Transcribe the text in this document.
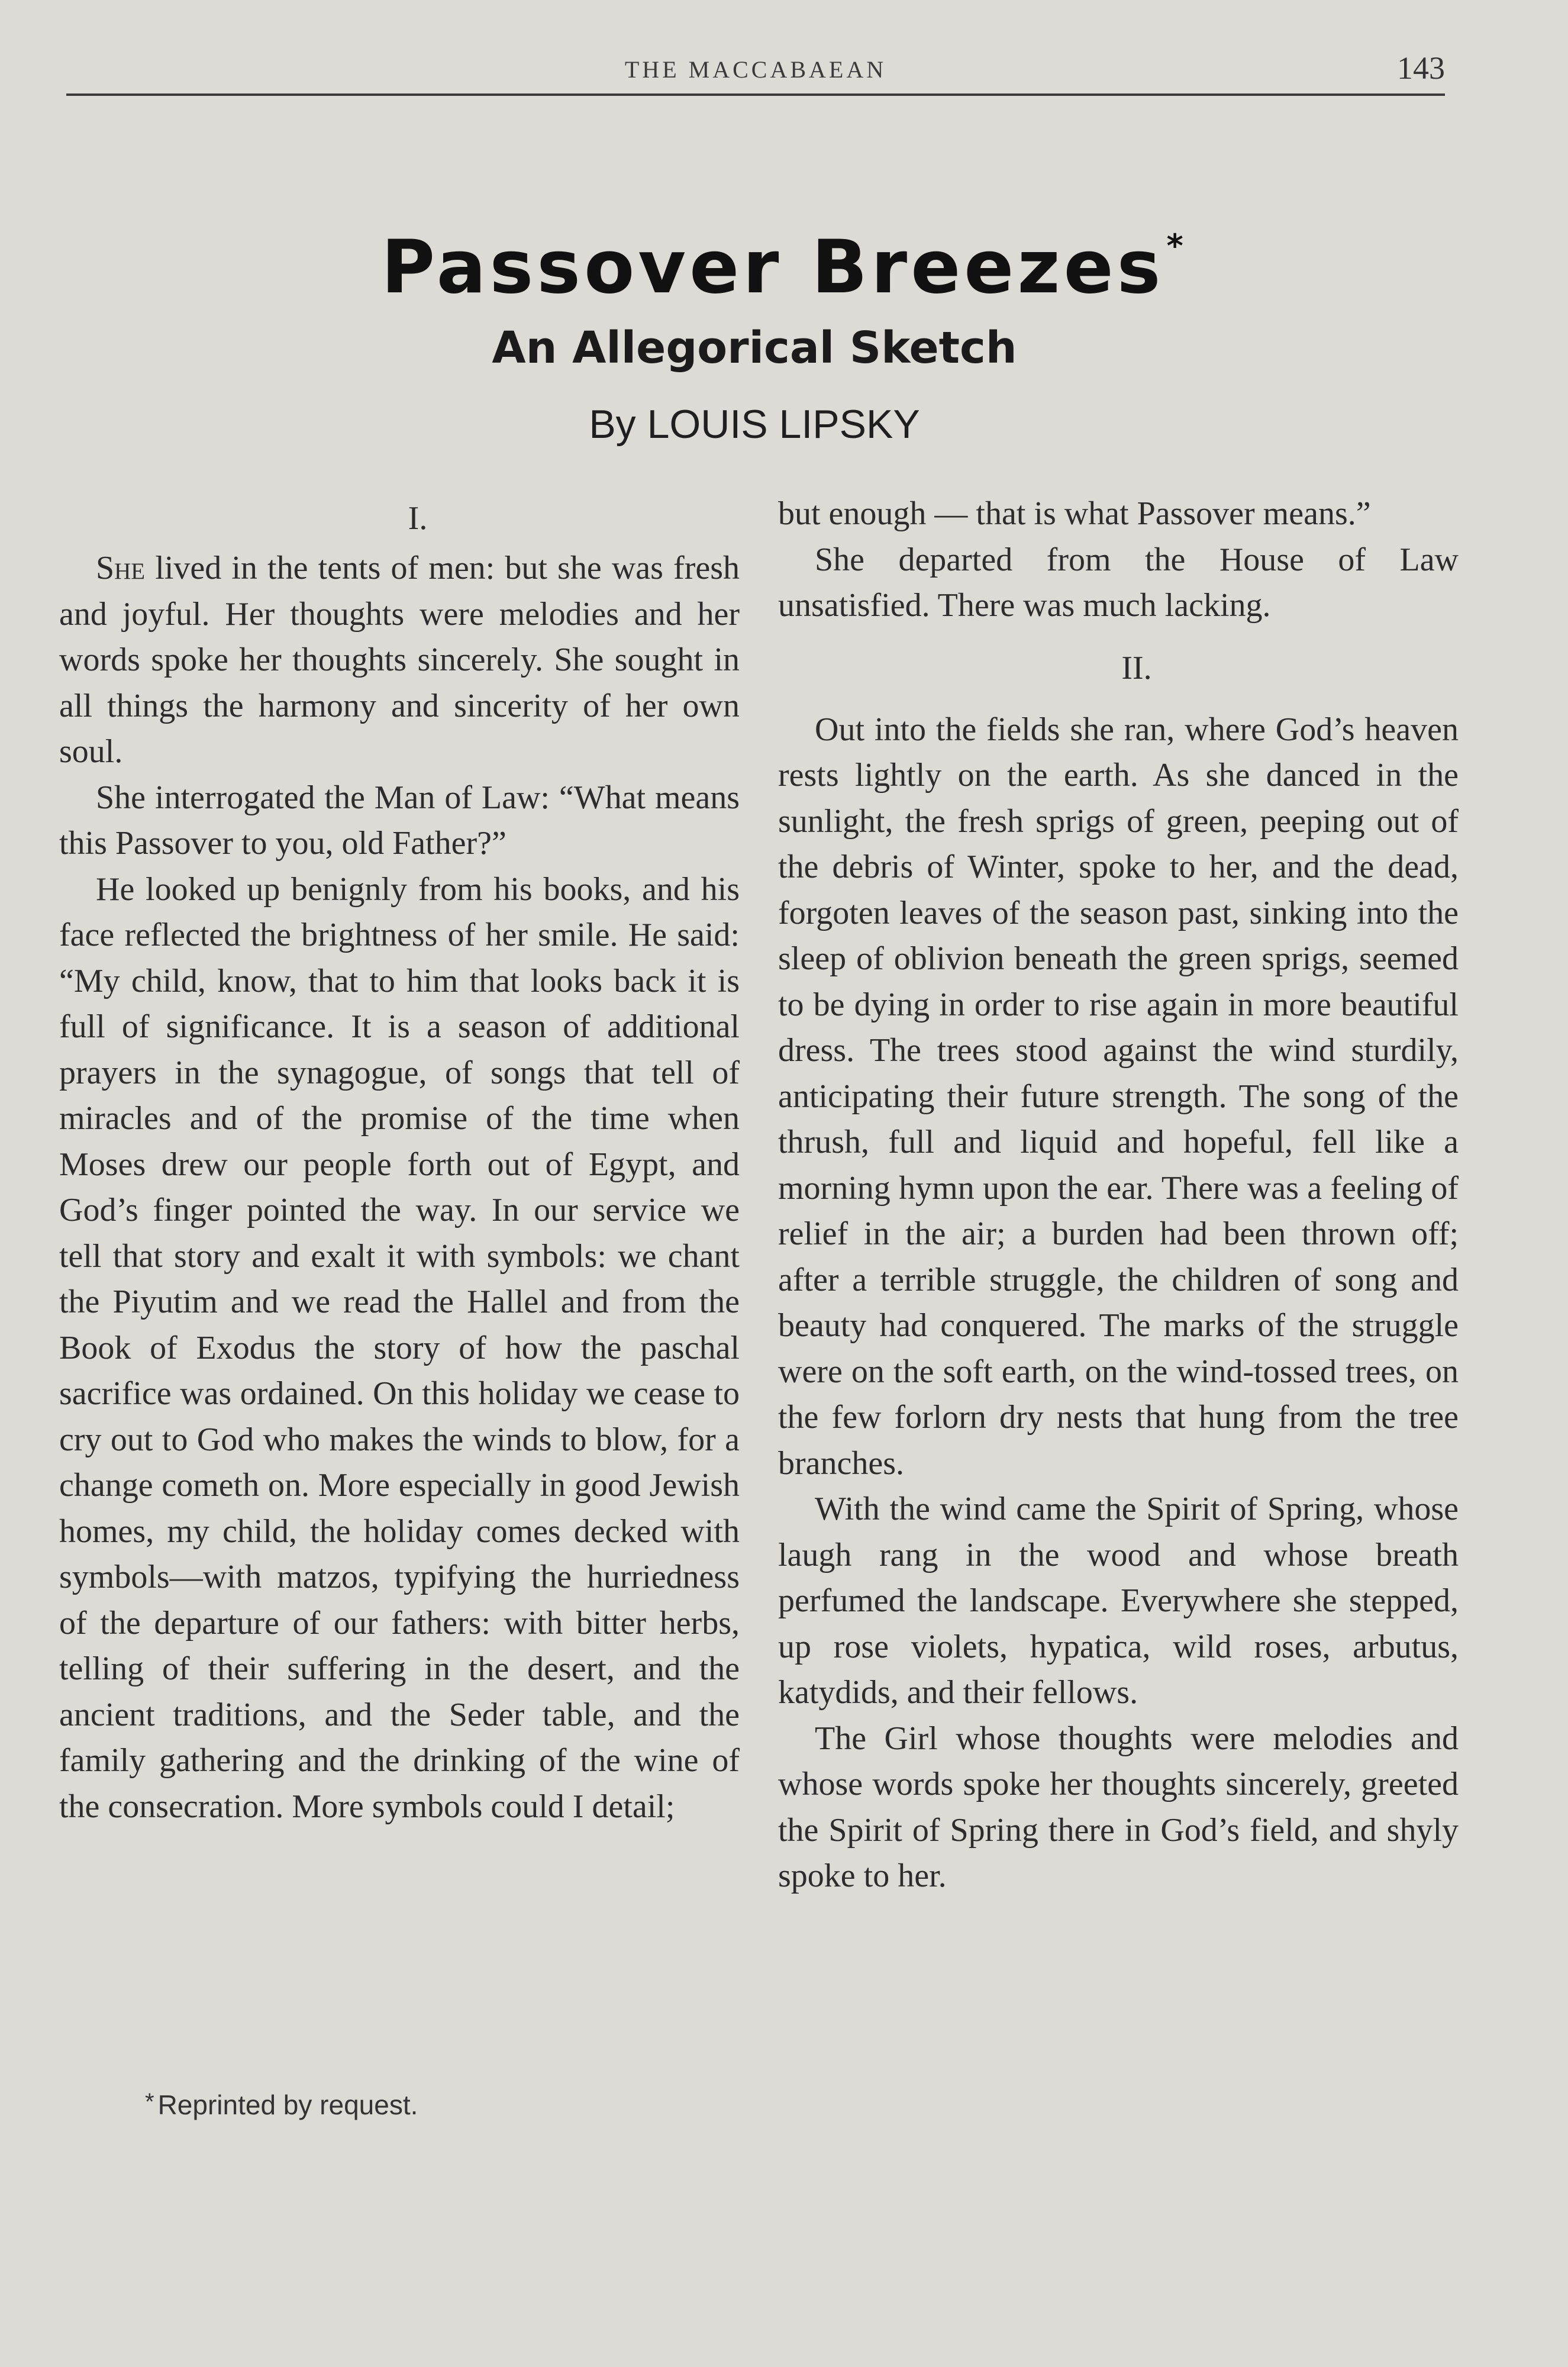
THE MACCABAEAN	143
Passover Breezes*
An Allegorical Sketch
By LOUIS LIPSKY

I.

She lived in the tents of men: but she was fresh and joyful. Her thoughts were melodies and her words spoke her thoughts sincerely. She sought in all things the harmony and sincerity of her own soul.

She interrogated the Man of Law: “What means this Passover to you, old Father?”

He looked up benignly from his books, and his face reflected the brightness of her smile. He said: “My child, know, that to him that looks back it is full of significance. It is a season of additional prayers in the synagogue, of songs that tell of miracles and of the promise of the time when Moses drew our people forth out of Egypt, and God’s finger pointed the way. In our service we tell that story and exalt it with symbols: we chant the Piyutim and we read the Hallel and from the Book of Exodus the story of how the paschal sacrifice was ordained. On this holiday we cease to cry out to God who makes the winds to blow, for a change cometh on. More especially in good Jewish homes, my child, the holiday comes decked with symbols—with matzos, typifying the hurriedness of the departure of our fathers: with bitter herbs, telling of their suffering in the desert, and the ancient traditions, and the Seder table, and the family gathering and the drinking of the wine of the consecration. More symbols could I detail;

* Reprinted by request.

but enough — that is what Passover means.”

She departed from the House of Law unsatisfied. There was much lacking.

II.

Out into the fields she ran, where God’s heaven rests lightly on the earth. As she danced in the sunlight, the fresh sprigs of green, peeping out of the debris of Winter, spoke to her, and the dead, forgoten leaves of the season past, sinking into the sleep of oblivion beneath the green sprigs, seemed to be dying in order to rise again in more beautiful dress. The trees stood against the wind sturdily, anticipating their future strength. The song of the thrush, full and liquid and hopeful, fell like a morning hymn upon the ear. There was a feeling of relief in the air; a burden had been thrown off; after a terrible struggle, the children of song and beauty had conquered. The marks of the struggle were on the soft earth, on the wind-tossed trees, on the few forlorn dry nests that hung from the tree branches.

With the wind came the Spirit of Spring, whose laugh rang in the wood and whose breath perfumed the landscape. Everywhere she stepped, up rose violets, hypatica, wild roses, arbutus, katydids, and their fellows.

The Girl whose thoughts were melodies and whose words spoke her thoughts sincerely, greeted the Spirit of Spring there in God’s field, and shyly spoke to her.
